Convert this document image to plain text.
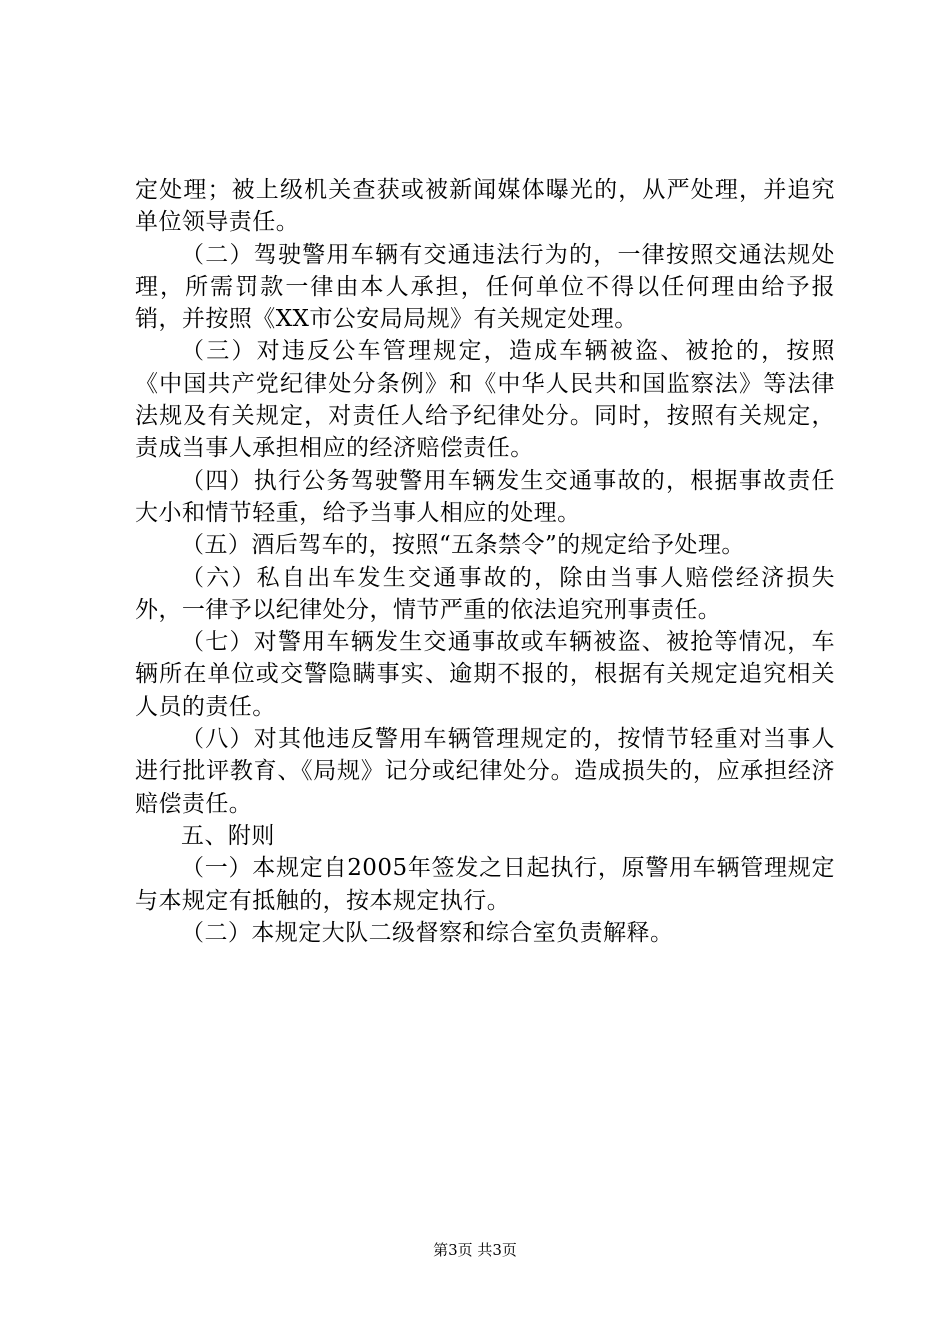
定处理；被上级机关查获或被新闻媒体曝光的，从严处理，并追究单位领导责任。

（二）驾驶警用车辆有交通违法行为的，一律按照交通法规处理，所需罚款一律由本人承担，任何单位不得以任何理由给予报销，并按照《XX市公安局局规》有关规定处理。

（三）对违反公车管理规定，造成车辆被盗、被抢的，按照《中国共产党纪律处分条例》和《中华人民共和国监察法》等法律法规及有关规定，对责任人给予纪律处分。同时，按照有关规定，责成当事人承担相应的经济赔偿责任。

（四）执行公务驾驶警用车辆发生交通事故的，根据事故责任大小和情节轻重，给予当事人相应的处理。

（五）酒后驾车的，按照“五条禁令”的规定给予处理。

（六）私自出车发生交通事故的，除由当事人赔偿经济损失外，一律予以纪律处分，情节严重的依法追究刑事责任。

（七）对警用车辆发生交通事故或车辆被盗、被抢等情况，车辆所在单位或交警隐瞒事实、逾期不报的，根据有关规定追究相关人员的责任。

（八）对其他违反警用车辆管理规定的，按情节轻重对当事人进行批评教育、《局规》记分或纪律处分。造成损失的，应承担经济赔偿责任。

五、附则

（一）本规定自2005年签发之日起执行，原警用车辆管理规定与本规定有抵触的，按本规定执行。

（二）本规定大队二级督察和综合室负责解释。

第3页 共3页
